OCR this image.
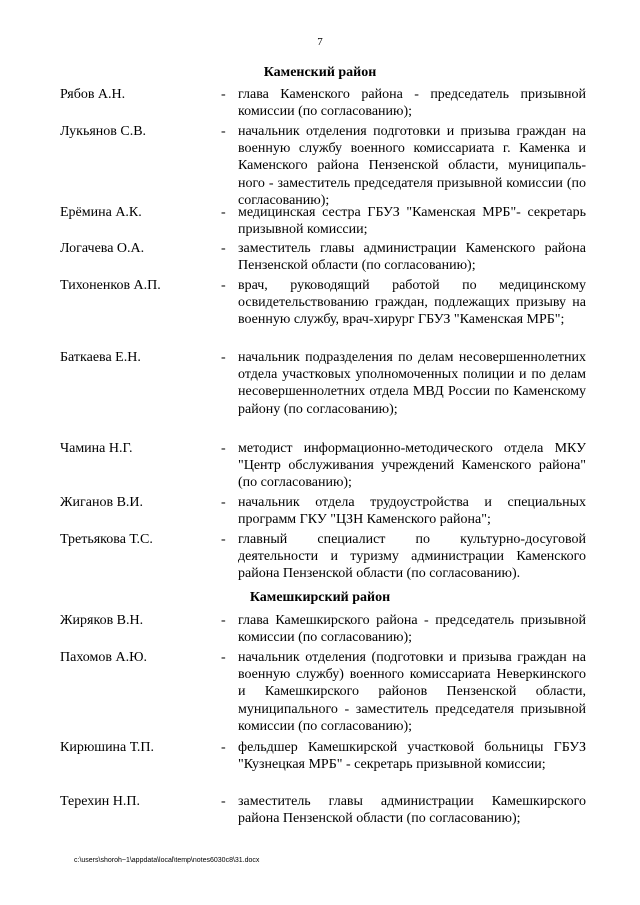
7
Каменский район
Рябов А.Н.	- глава Каменского района - председатель призывной комиссии (по согласованию);
Лукьянов С.В.	- начальник отделения подготовки и призыва граждан на военную службу военного комиссариата г. Каменка и Каменского района Пензенской области, муниципаль-ного - заместитель председателя призывной комиссии (по согласованию);
Ерёмина А.К.	- медицинская сестра ГБУЗ "Каменская МРБ"- секретарь призывной комиссии;
Логачева О.А.	- заместитель главы администрации Каменского района Пензенской области (по согласованию);
Тихоненков А.П.	- врач, руководящий работой по медицинскому освидетельствованию граждан, подлежащих призыву на военную службу, врач-хирург ГБУЗ "Каменская МРБ";
Баткаева Е.Н.	- начальник подразделения по делам несовершеннолетних отдела участковых уполномоченных полиции и по делам несовершеннолетних отдела МВД России по Каменскому району (по согласованию);
Чамина Н.Г.	- методист информационно-методического отдела МКУ "Центр обслуживания учреждений Каменского района" (по согласованию);
Жиганов В.И.	- начальник отдела трудоустройства и специальных программ ГКУ "ЦЗН Каменского района";
Третьякова Т.С.	- главный специалист по культурно-досуговой деятельности и туризму администрации Каменского района Пензенской области (по согласованию).
Камешкирский район
Жиряков В.Н.	- глава Камешкирского района - председатель призывной комиссии (по согласованию);
Пахомов А.Ю.	- начальник отделения (подготовки и призыва граждан на военную службу) военного комиссариата Неверкинского и Камешкирского районов Пензенской области, муниципального - заместитель председателя призывной комиссии (по согласованию);
Кирюшина Т.П.	- фельдшер Камешкирской участковой больницы ГБУЗ "Кузнецкая МРБ" - секретарь призывной комиссии;
Терехин Н.П.	- заместитель главы администрации Камешкирского района Пензенской области (по согласованию);
c:\users\shoroh~1\appdata\local\temp\notes6030c8\31.docx
